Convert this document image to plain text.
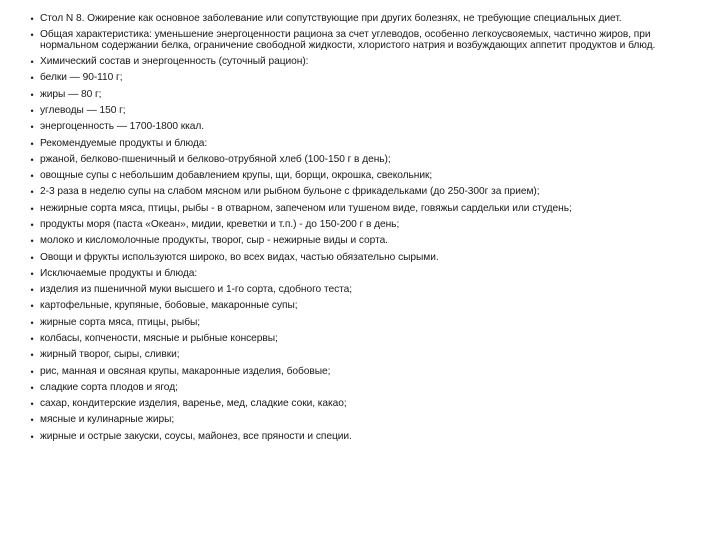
• Стол N 8. Ожирение как основное заболевание или сопутствующие при других болезнях, не требующие специальных диет.
• Общая характеристика: уменьшение энергоценности рациона за счет углеводов, особенно легкоусвояемых, частично жиров, при нормальном содержании белка, ограничение свободной жидкости, хлористого натрия и возбуждающих аппетит продуктов и блюд.
• Химический состав и энергоценность (суточный рацион):
• белки — 90-110 г;
• жиры — 80 г;
• углеводы — 150 г;
• энергоценность — 1700-1800 ккал.
• Рекомендуемые продукты и блюда:
• ржаной, белково-пшеничный и белково-отрубяной хлеб (100-150 г в день);
• овощные супы с небольшим добавлением крупы, щи, борщи, окрошка, свекольник;
• 2-3 раза в неделю супы на слабом мясном или рыбном бульоне с фрикадельками (до 250-300г за прием);
• нежирные сорта мяса, птицы, рыбы - в отварном, запеченом или тушеном виде, говяжьи сардельки или студень;
• продукты моря (паста «Океан», мидии, креветки и т.п.) - до 150-200 г в день;
• молоко и кисломолочные продукты, творог, сыр - нежирные виды и сорта.
• Овощи и фрукты используются широко, во всех видах, частью обязательно сырыми.
• Исключаемые продукты и блюда:
• изделия из пшеничной муки высшего и 1-го сорта, сдобного теста;
• картофельные, крупяные, бобовые, макаронные супы;
• жирные сорта мяса, птицы, рыбы;
• колбасы, копчености, мясные и рыбные консервы;
• жирный творог, сыры, сливки;
• рис, манная и овсяная крупы, макаронные изделия, бобовые;
• сладкие сорта плодов и ягод;
• сахар, кондитерские изделия, варенье, мед, сладкие соки, какао;
• мясные и кулинарные жиры;
• жирные и острые закуски, соусы, майонез, все пряности и специи.
